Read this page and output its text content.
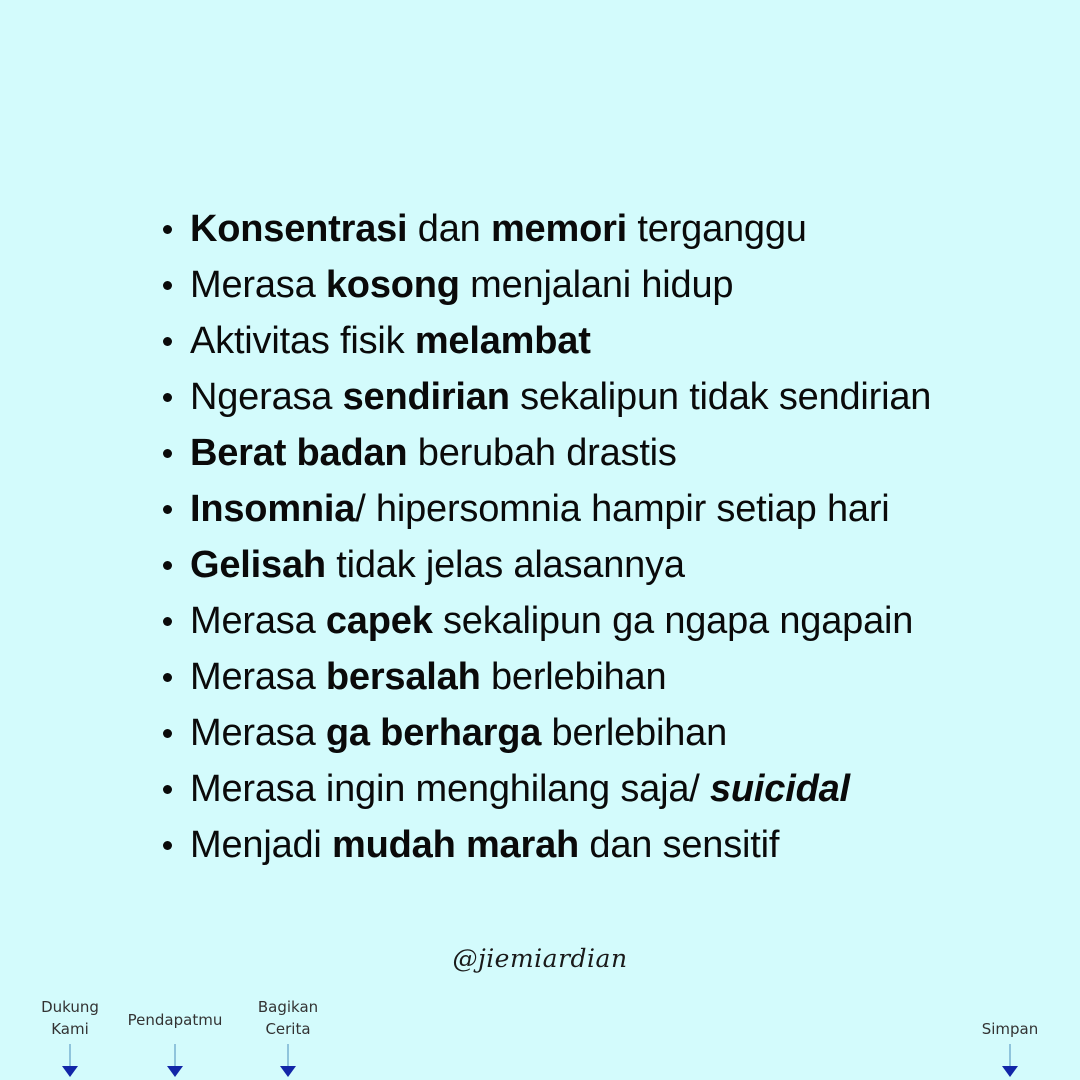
Konsentrasi dan memori terganggu
Merasa kosong menjalani hidup
Aktivitas fisik melambat
Ngerasa sendirian sekalipun tidak sendirian
Berat badan berubah drastis
Insomnia/ hipersomnia hampir setiap hari
Gelisah tidak jelas alasannya
Merasa capek sekalipun ga ngapa ngapain
Merasa bersalah berlebihan
Merasa ga berharga berlebihan
Merasa ingin menghilang saja/ suicidal
Menjadi mudah marah dan sensitif
@jiemiardian
Dukung
Kami	Pendapatmu
Bagikan
Cerita	Simpan
